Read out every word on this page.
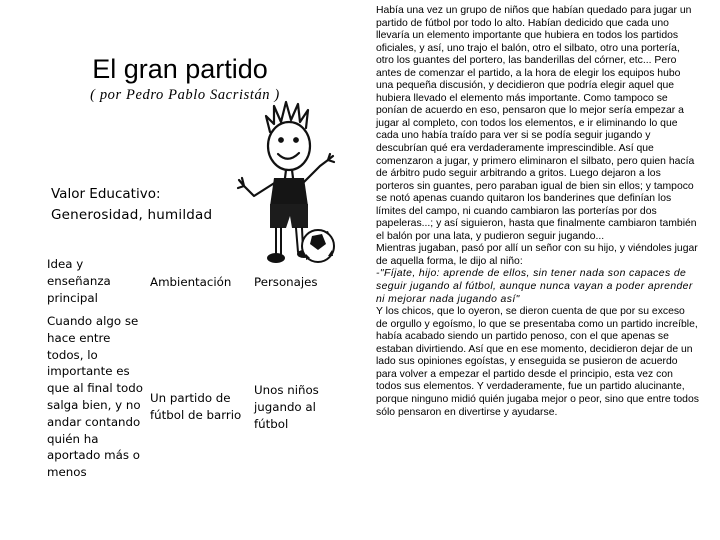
El gran partido
( por Pedro Pablo Sacristán )
Valor Educativo:
Generosidad, humildad
Idea y enseñanza principal
Ambientación	Personajes
Cuando algo se hace entre todos, lo importante es que al final todo salga bien, y no andar contando quién ha aportado más o menos
Un partido de fútbol de barrio
Unos niños jugando al fútbol

Había una vez un grupo de niños que habían quedado para jugar un partido de fútbol por todo lo alto. Habían dedicido que cada uno llevaría un elemento importante que hubiera en todos los partidos oficiales, y así, uno trajo el balón, otro el silbato, otro una portería, otro los guantes del portero, las banderillas del córner, etc... Pero antes de comenzar el partido, a la hora de elegir los equipos hubo una pequeña discusión, y decidieron que podría elegir aquel que hubiera llevado el elemento más importante. Como tampoco se ponían de acuerdo en eso, pensaron que lo mejor sería empezar a jugar al completo, con todos los elementos, e ir eliminando lo que cada uno había traído para ver si se podía seguir jugando y descubrían qué era verdaderamente imprescindible. Así que comenzaron a jugar, y primero eliminaron el silbato, pero quien hacía de árbitro pudo seguir arbitrando a gritos. Luego dejaron a los porteros sin guantes, pero paraban igual de bien sin ellos; y tampoco se notó apenas cuando quitaron los banderines que definían los límites del campo, ni cuando cambiaron las porterías por dos papeleras...; y así siguieron, hasta que finalmente cambiaron también el balón por una lata, y pudieron seguir jugando...

Mientras jugaban, pasó por allí un señor con su hijo, y viéndoles jugar de aquella forma, le dijo al niño:

-"Fíjate, hijo: aprende de ellos, sin tener nada son capaces de seguir jugando al fútbol, aunque nunca vayan a poder aprender ni mejorar nada jugando así"

Y los chicos, que lo oyeron, se dieron cuenta de que por su exceso de orgullo y egoísmo, lo que se presentaba como un partido increíble, había acabado siendo un partido penoso, con el que apenas se estaban divirtiendo. Así que en ese momento, decidieron dejar de un lado sus opiniones egoístas, y enseguida se pusieron de acuerdo para volver a empezar el partido desde el principio, esta vez con todos sus elementos. Y verdaderamente, fue un partido alucinante, porque ninguno midió quién jugaba mejor o peor, sino que entre todos sólo pensaron en divertirse y ayudarse.
